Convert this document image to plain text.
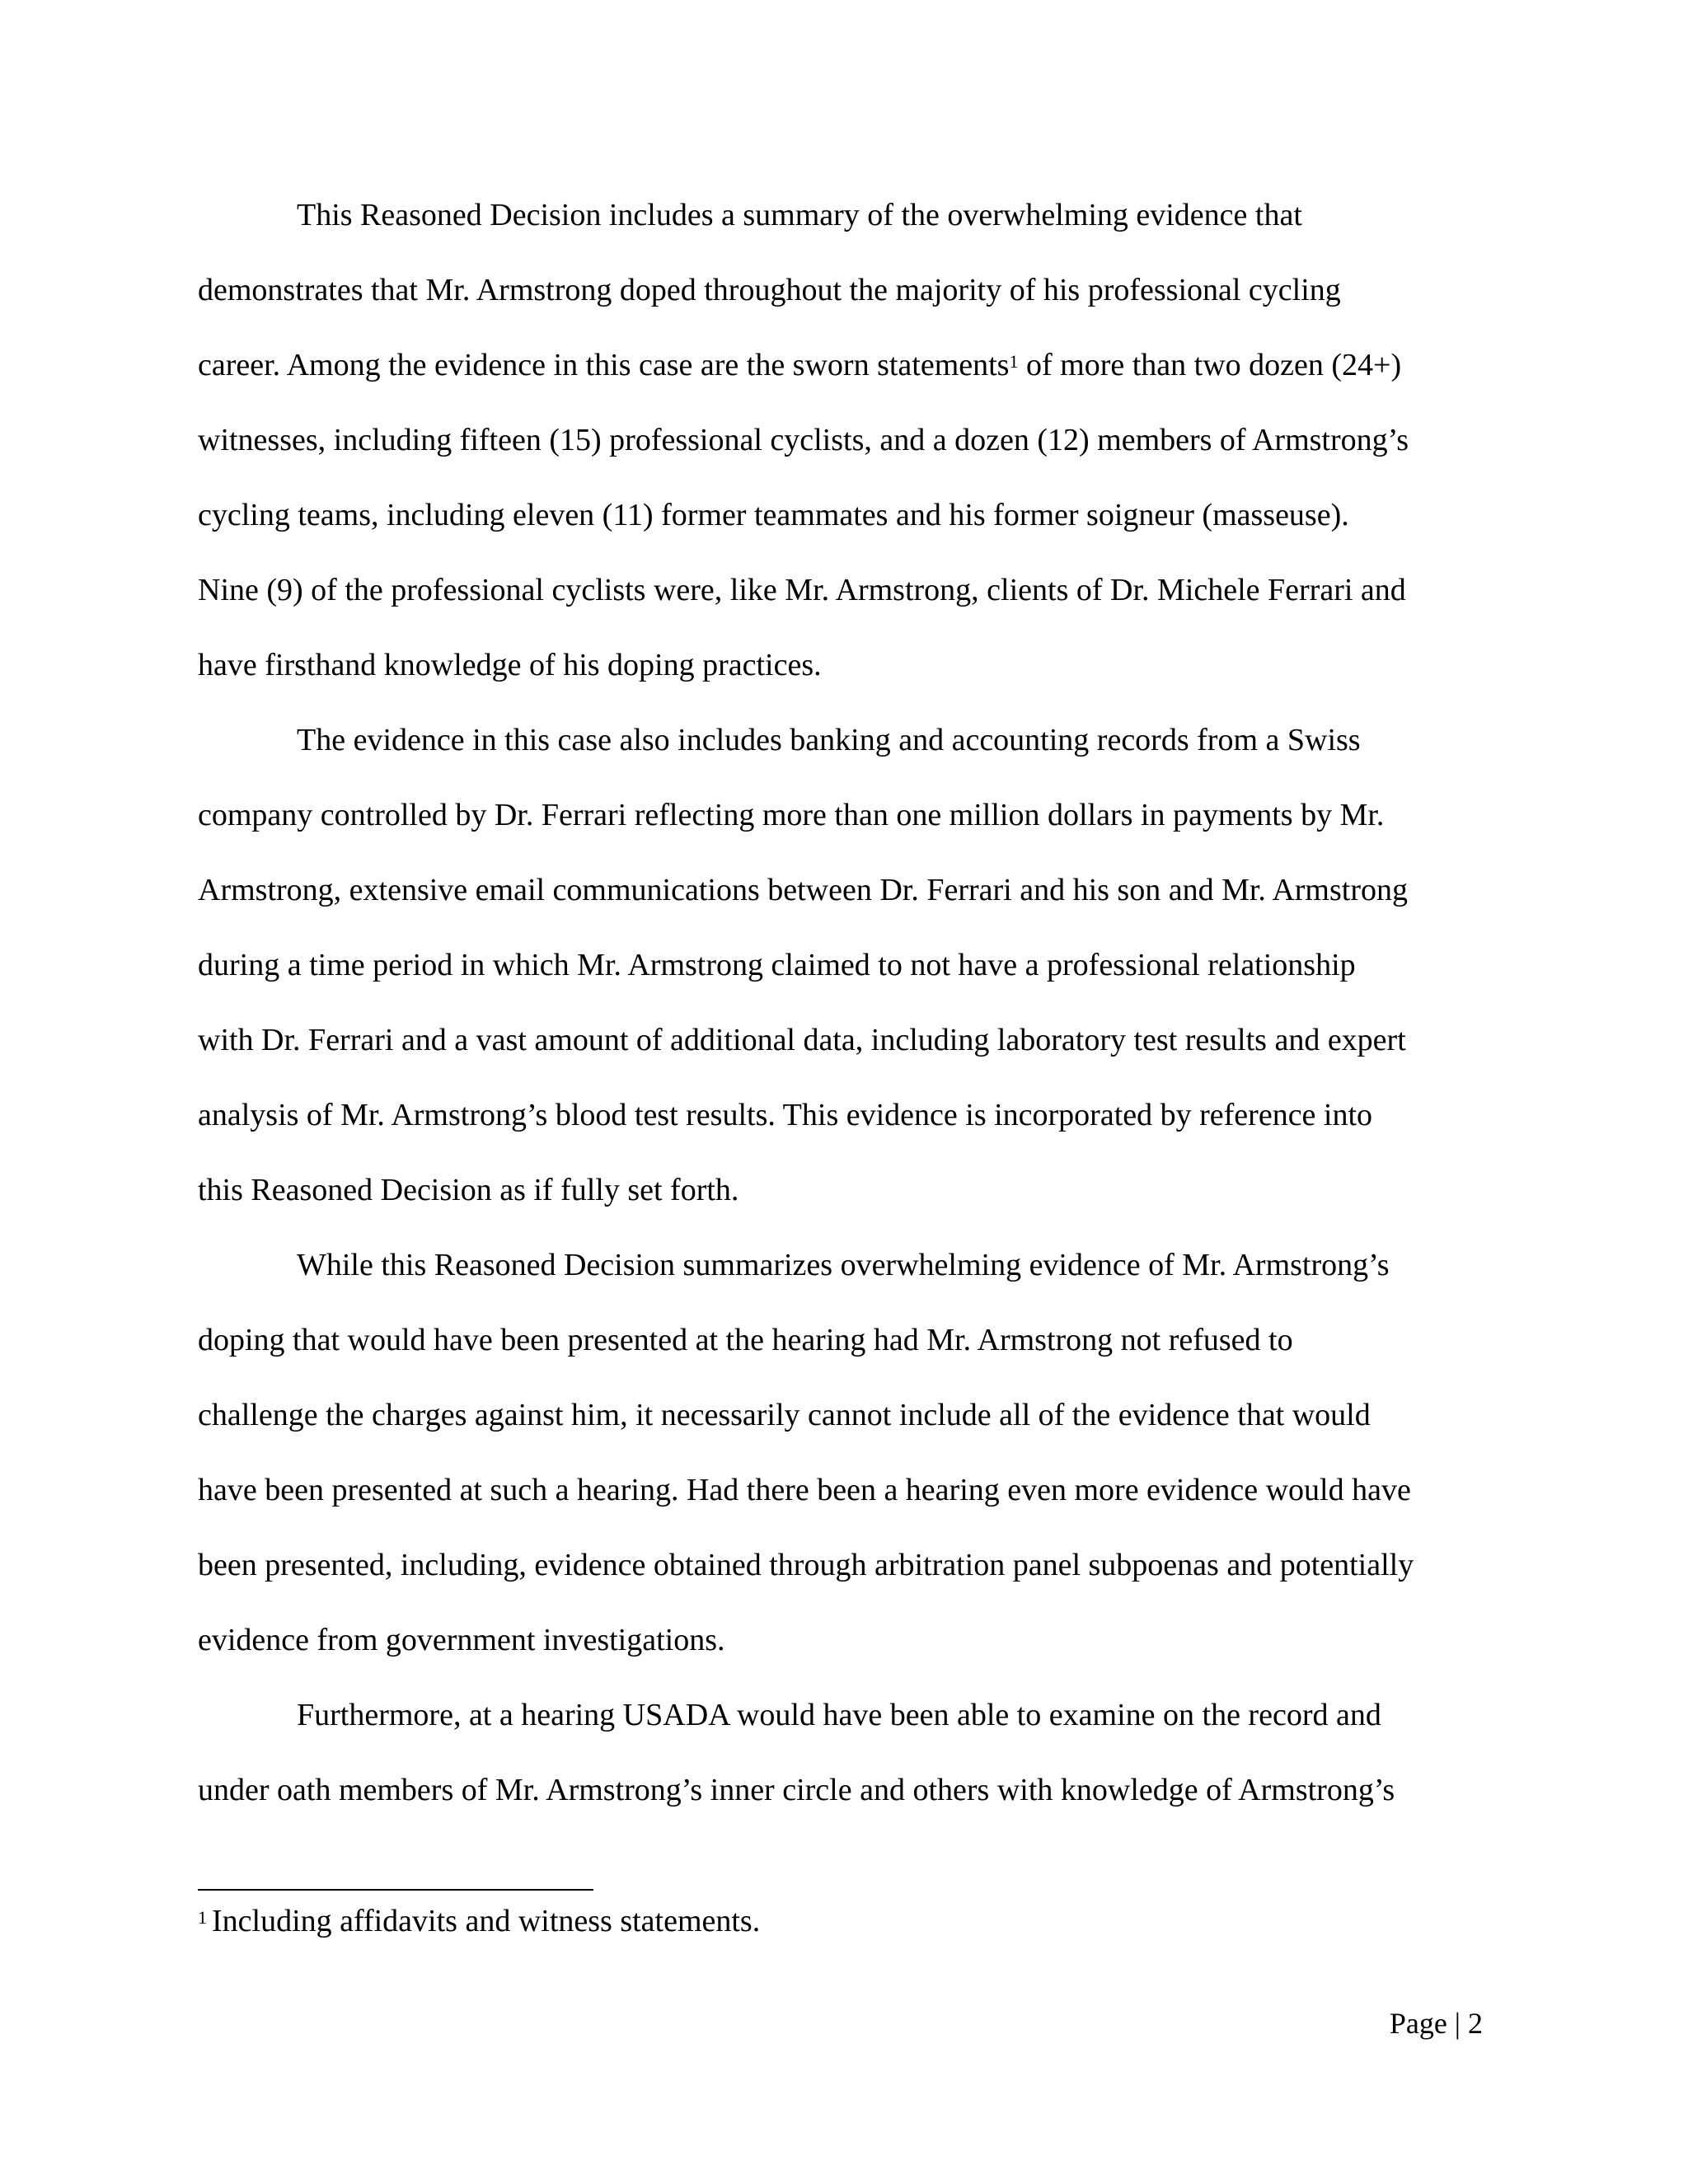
This Reasoned Decision includes a summary of the overwhelming evidence that
demonstrates that Mr. Armstrong doped throughout the majority of his professional cycling
career. Among the evidence in this case are the sworn statements$^1$ of more than two dozen (24+)
witnesses, including fifteen (15) professional cyclists, and a dozen (12) members of Armstrong’s
cycling teams, including eleven (11) former teammates and his former soigneur (masseuse).
Nine (9) of the professional cyclists were, like Mr. Armstrong, clients of Dr. Michele Ferrari and
have firsthand knowledge of his doping practices.
The evidence in this case also includes banking and accounting records from a Swiss
company controlled by Dr. Ferrari reflecting more than one million dollars in payments by Mr.
Armstrong, extensive email communications between Dr. Ferrari and his son and Mr. Armstrong
during a time period in which Mr. Armstrong claimed to not have a professional relationship
with Dr. Ferrari and a vast amount of additional data, including laboratory test results and expert
analysis of Mr. Armstrong’s blood test results. This evidence is incorporated by reference into
this Reasoned Decision as if fully set forth.
While this Reasoned Decision summarizes overwhelming evidence of Mr. Armstrong’s
doping that would have been presented at the hearing had Mr. Armstrong not refused to
challenge the charges against him, it necessarily cannot include all of the evidence that would
have been presented at such a hearing. Had there been a hearing even more evidence would have
been presented, including, evidence obtained through arbitration panel subpoenas and potentially
evidence from government investigations.
Furthermore, at a hearing USADA would have been able to examine on the record and
under oath members of Mr. Armstrong’s inner circle and others with knowledge of Armstrong’s
$^1$ Including affidavits and witness statements.
Page | 2
